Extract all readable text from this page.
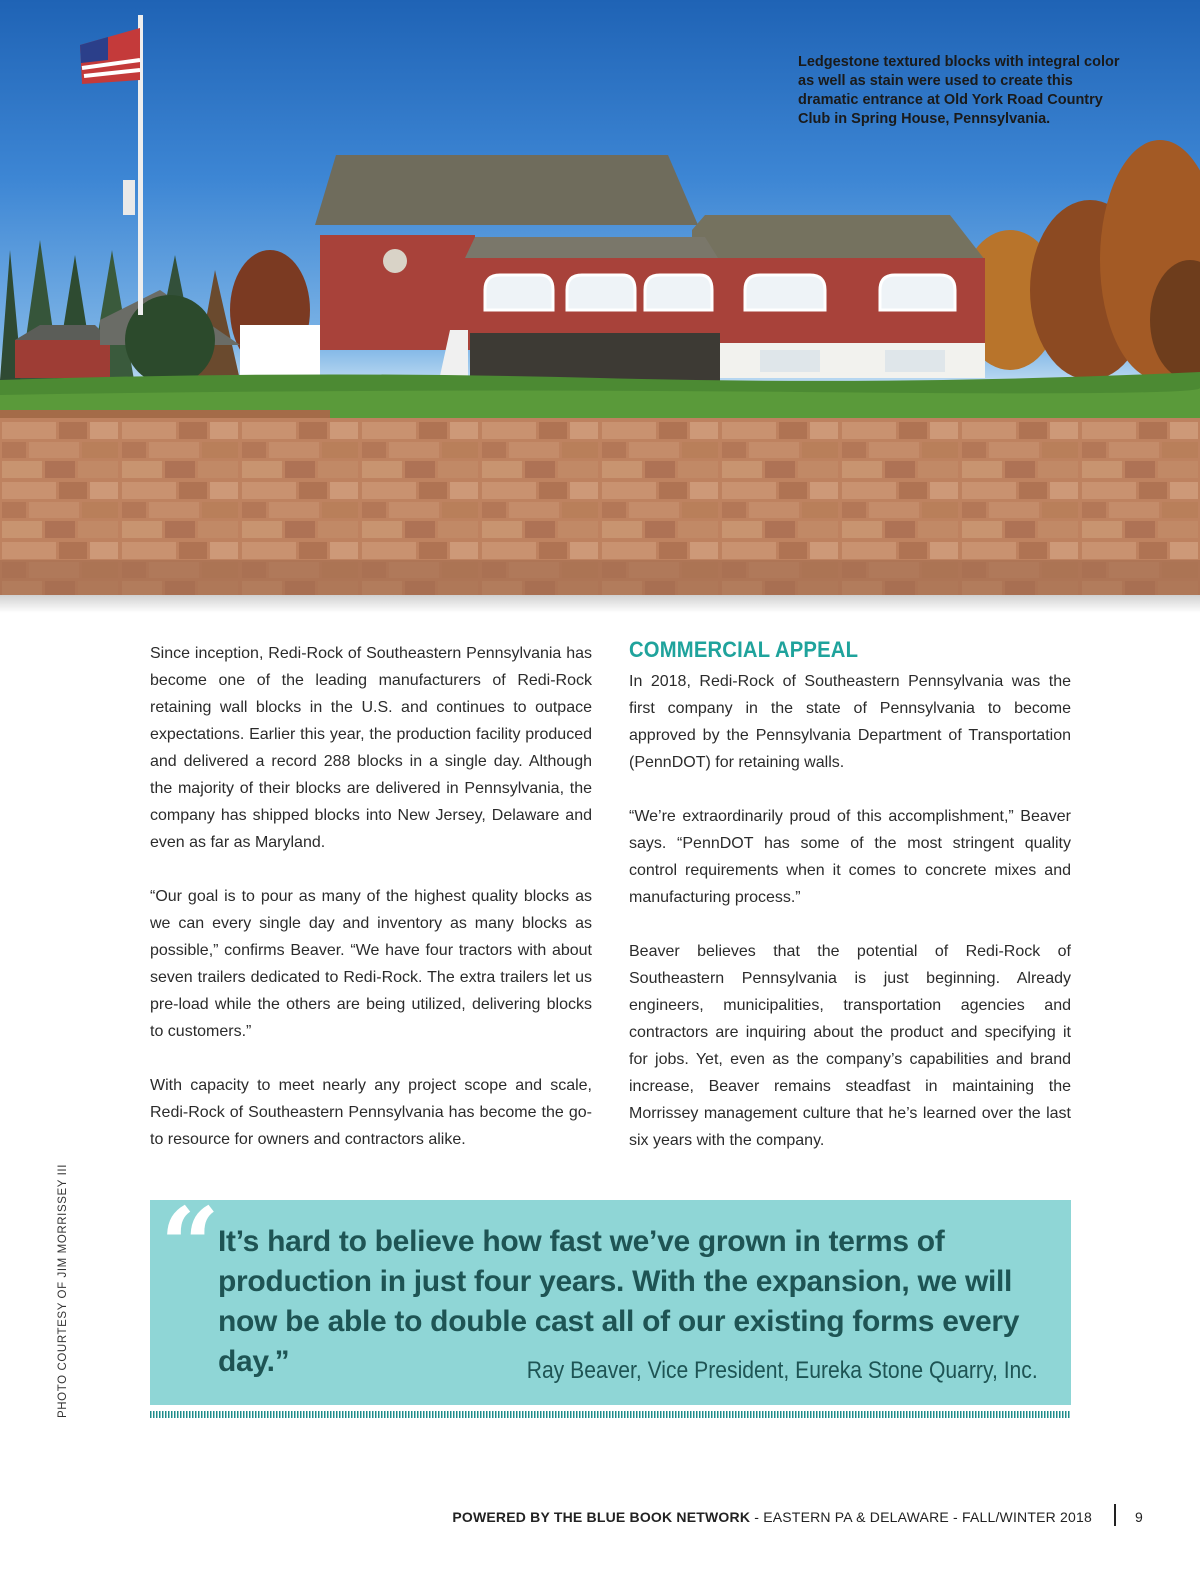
Ledgestone textured blocks with integral color as well as stain were used to create this dramatic entrance at Old York Road Country Club in Spring House, Pennsylvania.

Since inception, Redi-Rock of Southeastern Pennsylvania has become one of the leading manufacturers of Redi-Rock retaining wall blocks in the U.S. and continues to outpace expectations. Earlier this year, the production facility produced and delivered a record 288 blocks in a single day. Although the majority of their blocks are delivered in Pennsylvania, the company has shipped blocks into New Jersey, Delaware and even as far as Maryland.

“Our goal is to pour as many of the highest quality blocks as we can every single day and inventory as many blocks as possible,” confirms Beaver. “We have four tractors with about seven trailers dedicated to Redi-Rock. The extra trailers let us pre-load while the others are being utilized, delivering blocks to customers.”

With capacity to meet nearly any project scope and scale, Redi-Rock of Southeastern Pennsylvania has become the go-to resource for owners and contractors alike.

COMMERCIAL APPEAL

In 2018, Redi-Rock of Southeastern Pennsylvania was the first company in the state of Pennsylvania to become approved by the Pennsylvania Department of Transportation (PennDOT) for retaining walls.

“We’re extraordinarily proud of this accomplishment,” Beaver says. “PennDOT has some of the most stringent quality control requirements when it comes to concrete mixes and manufacturing process.”

Beaver believes that the potential of Redi-Rock of Southeastern Pennsylvania is just beginning. Already engineers, municipalities, transportation agencies and contractors are inquiring about the product and specifying it for jobs. Yet, even as the company’s capabilities and brand increase, Beaver remains steadfast in maintaining the Morrissey management culture that he’s learned over the last six years with the company.

“

It’s hard to believe how fast we’ve grown in terms of production in just four years. With the expansion, we will now be able to double cast all of our existing forms every day.”	Ray Beaver, Vice President, Eureka Stone Quarry, Inc.

PHOTO COURTESY OF JIM MORRISSEY III

POWERED BY THE BLUE BOOK NETWORK - EASTERN PA & DELAWARE - FALL/WINTER 2018	9
